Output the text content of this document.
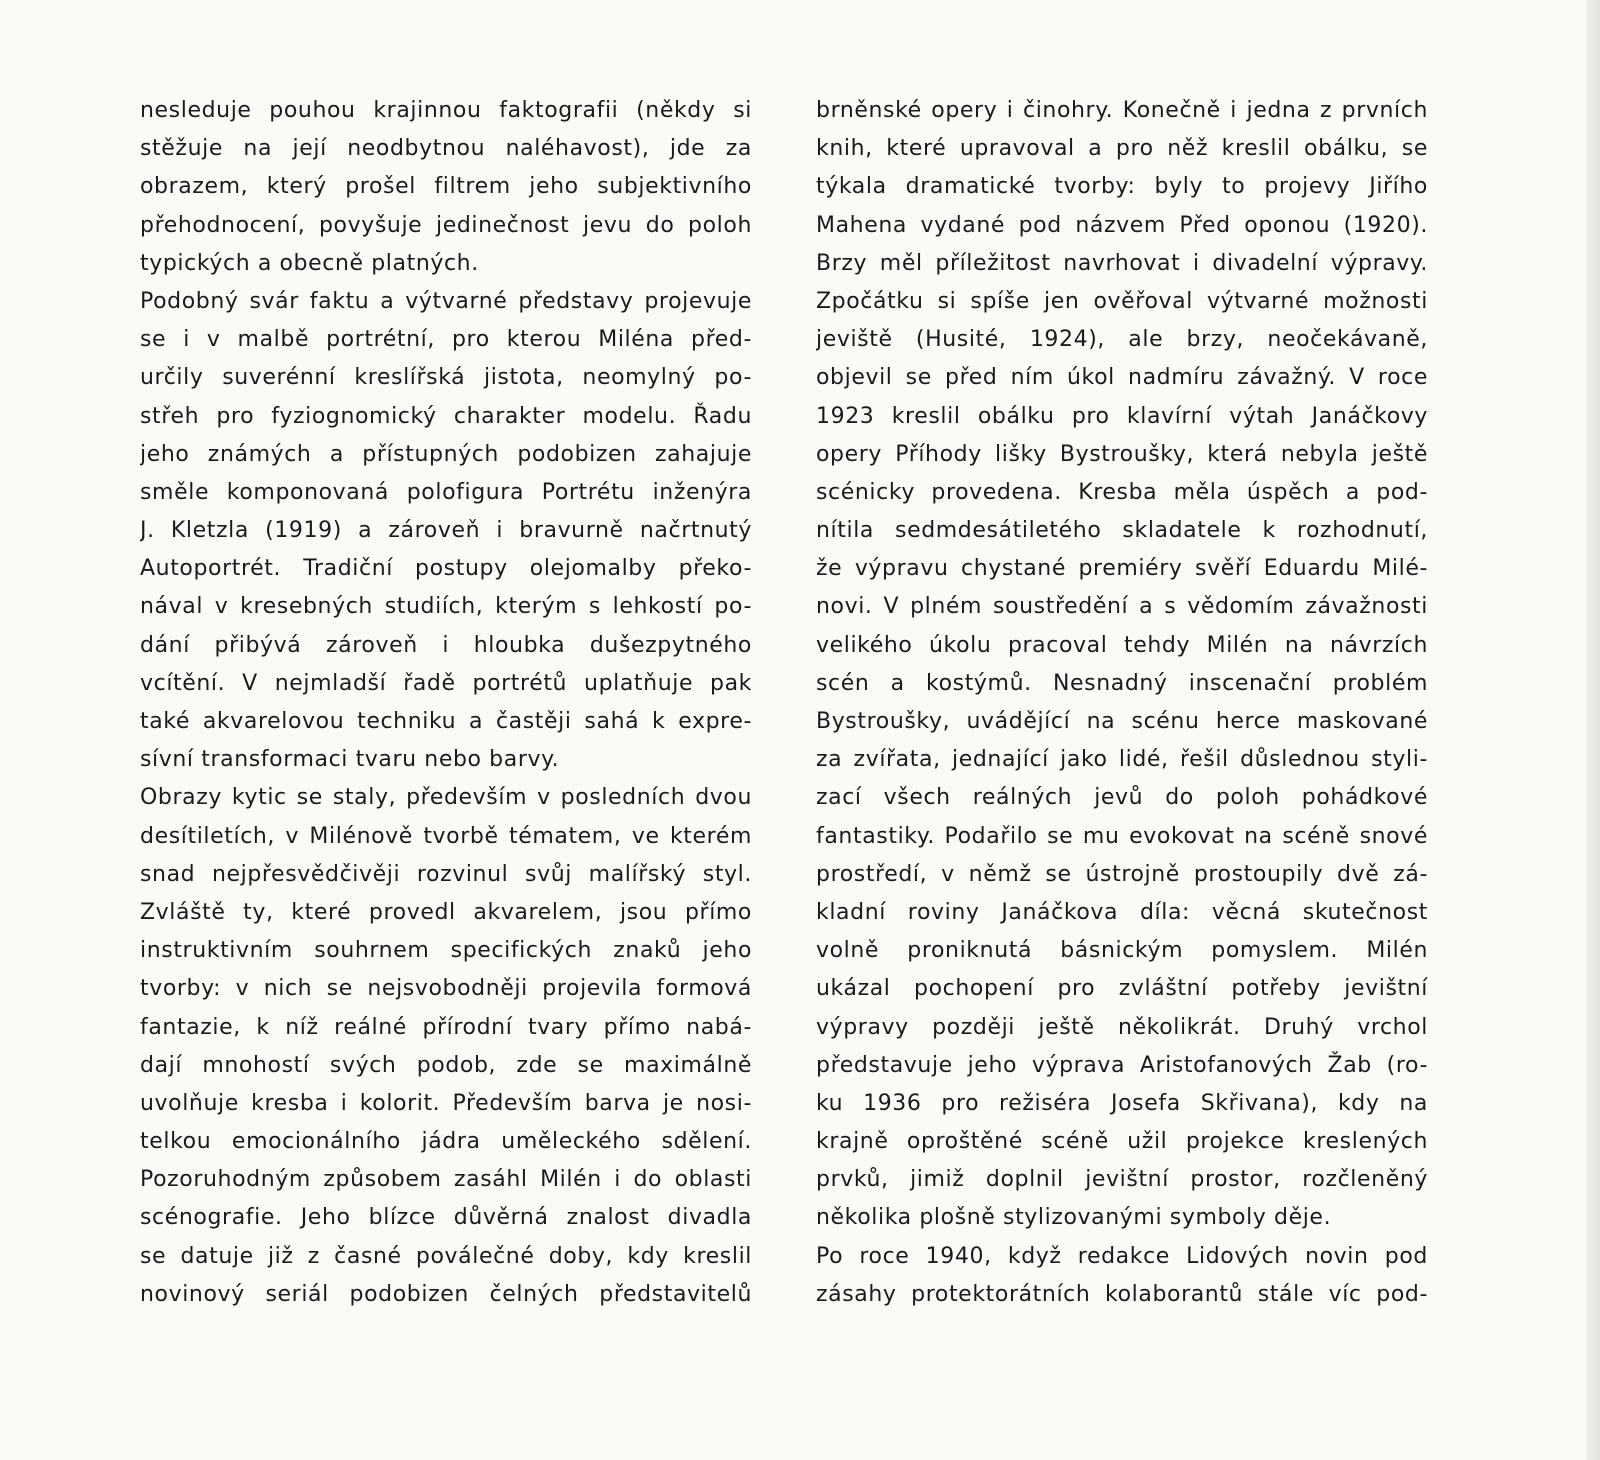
nesleduje pouhou krajinnou faktografii (někdy si
stěžuje na její neodbytnou naléhavost), jde za
obrazem, který prošel filtrem jeho subjektivního
přehodnocení, povyšuje jedinečnost jevu do poloh
typických a obecně platných.
Podobný svár faktu a výtvarné představy projevuje
se i v malbě portrétní, pro kterou Miléna před-
určily suverénní kreslířská jistota, neomylný po-
střeh pro fyziognomický charakter modelu. Řadu
jeho známých a přístupných podobizen zahajuje
směle komponovaná polofigura Portrétu inženýra
J. Kletzla (1919) a zároveň i bravurně načrtnutý
Autoportrét. Tradiční postupy olejomalby překo-
nával v kresebných studiích, kterým s lehkostí po-
dání přibývá zároveň i hloubka dušezpytného
vcítění. V nejmladší řadě portrétů uplatňuje pak
také akvarelovou techniku a častěji sahá k expre-
sívní transformaci tvaru nebo barvy.
Obrazy kytic se staly, především v posledních dvou
desítiletích, v Milénově tvorbě tématem, ve kterém
snad nejpřesvědčivěji rozvinul svůj malířský styl.
Zvláště ty, které provedl akvarelem, jsou přímo
instruktivním souhrnem specifických znaků jeho
tvorby: v nich se nejsvobodněji projevila formová
fantazie, k níž reálné přírodní tvary přímo nabá-
dají mnohostí svých podob, zde se maximálně
uvolňuje kresba i kolorit. Především barva je nosi-
telkou emocionálního jádra uměleckého sdělení.
Pozoruhodným způsobem zasáhl Milén i do oblasti
scénografie. Jeho blízce důvěrná znalost divadla
se datuje již z časné poválečné doby, kdy kreslil
novinový seriál podobizen čelných představitelů
brněnské opery i činohry. Konečně i jedna z prvních
knih, které upravoval a pro něž kreslil obálku, se
týkala dramatické tvorby: byly to projevy Jiřího
Mahena vydané pod názvem Před oponou (1920).
Brzy měl příležitost navrhovat i divadelní výpravy.
Zpočátku si spíše jen ověřoval výtvarné možnosti
jeviště (Husité, 1924), ale brzy, neočekávaně,
objevil se před ním úkol nadmíru závažný. V roce
1923 kreslil obálku pro klavírní výtah Janáčkovy
opery Příhody lišky Bystroušky, která nebyla ještě
scénicky provedena. Kresba měla úspěch a pod-
nítila sedmdesátiletého skladatele k rozhodnutí,
že výpravu chystané premiéry svěří Eduardu Milé-
novi. V plném soustředění a s vědomím závažnosti
velikého úkolu pracoval tehdy Milén na návrzích
scén a kostýmů. Nesnadný inscenační problém
Bystroušky, uvádějící na scénu herce maskované
za zvířata, jednající jako lidé, řešil důslednou styli-
zací všech reálných jevů do poloh pohádkové
fantastiky. Podařilo se mu evokovat na scéně snové
prostředí, v němž se ústrojně prostoupily dvě zá-
kladní roviny Janáčkova díla: věcná skutečnost
volně proniknutá básnickým pomyslem. Milén
ukázal pochopení pro zvláštní potřeby jevištní
výpravy později ještě několikrát. Druhý vrchol
představuje jeho výprava Aristofanových Žab (ro-
ku 1936 pro režiséra Josefa Skřivana), kdy na
krajně oproštěné scéně užil projekce kreslených
prvků, jimiž doplnil jevištní prostor, rozčleněný
několika plošně stylizovanými symboly děje.
Po roce 1940, když redakce Lidových novin pod
zásahy protektorátních kolaborantů stále víc pod-
